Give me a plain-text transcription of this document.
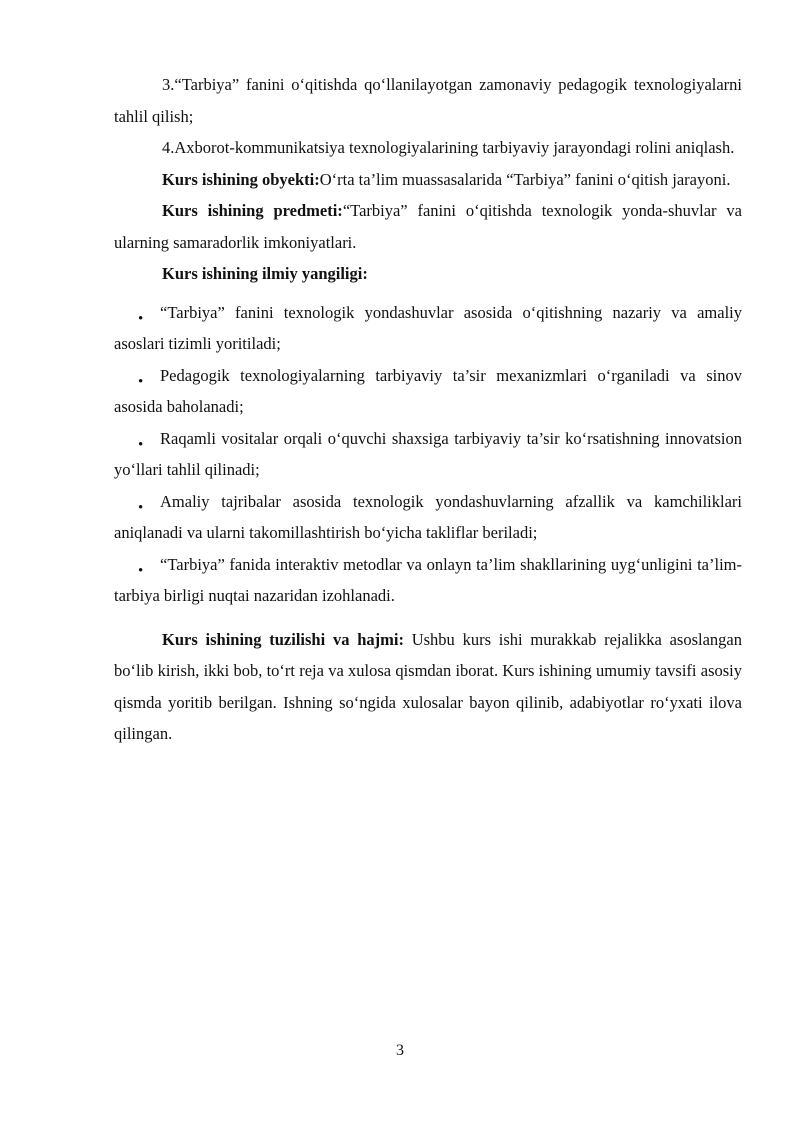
3.“Tarbiya” fanini o‘qitishda qo‘llanilayotgan zamonaviy pedagogik texnologiyalarni tahlil qilish;

4.Axborot-kommunikatsiya texnologiyalarining tarbiyaviy jarayondagi rolini aniqlash.

Kurs ishining obyekti:O‘rta ta’lim muassasalarida “Tarbiya” fanini o‘qitish jarayoni.

Kurs ishining predmeti:“Tarbiya” fanini o‘qitishda texnologik yonda-shuvlar va ularning samaradorlik imkoniyatlari.

Kurs ishining ilmiy yangiligi:

• “Tarbiya” fanini texnologik yondashuvlar asosida o‘qitishning nazariy va amaliy asoslari tizimli yoritiladi;
• Pedagogik texnologiyalarning tarbiyaviy ta’sir mexanizmlari o‘rganiladi va sinov asosida baholanadi;
• Raqamli vositalar orqali o‘quvchi shaxsiga tarbiyaviy ta’sir ko‘rsatishning innovatsion yo‘llari tahlil qilinadi;
• Amaliy tajribalar asosida texnologik yondashuvlarning afzallik va kamchiliklari aniqlanadi va ularni takomillashtirish bo‘yicha takliflar beriladi;
• “Tarbiya” fanida interaktiv metodlar va onlayn ta’lim shakllarining uyg‘unligini ta’lim-tarbiya birligi nuqtai nazaridan izohlanadi.

Kurs ishining tuzilishi va hajmi: Ushbu kurs ishi murakkab rejalikka asoslangan bo‘lib kirish, ikki bob, to‘rt reja va xulosa qismdan iborat. Kurs ishining umumiy tavsifi asosiy qismda yoritib berilgan. Ishning so‘ngida xulosalar bayon qilinib, adabiyotlar ro‘yxati ilova qilingan.

3
